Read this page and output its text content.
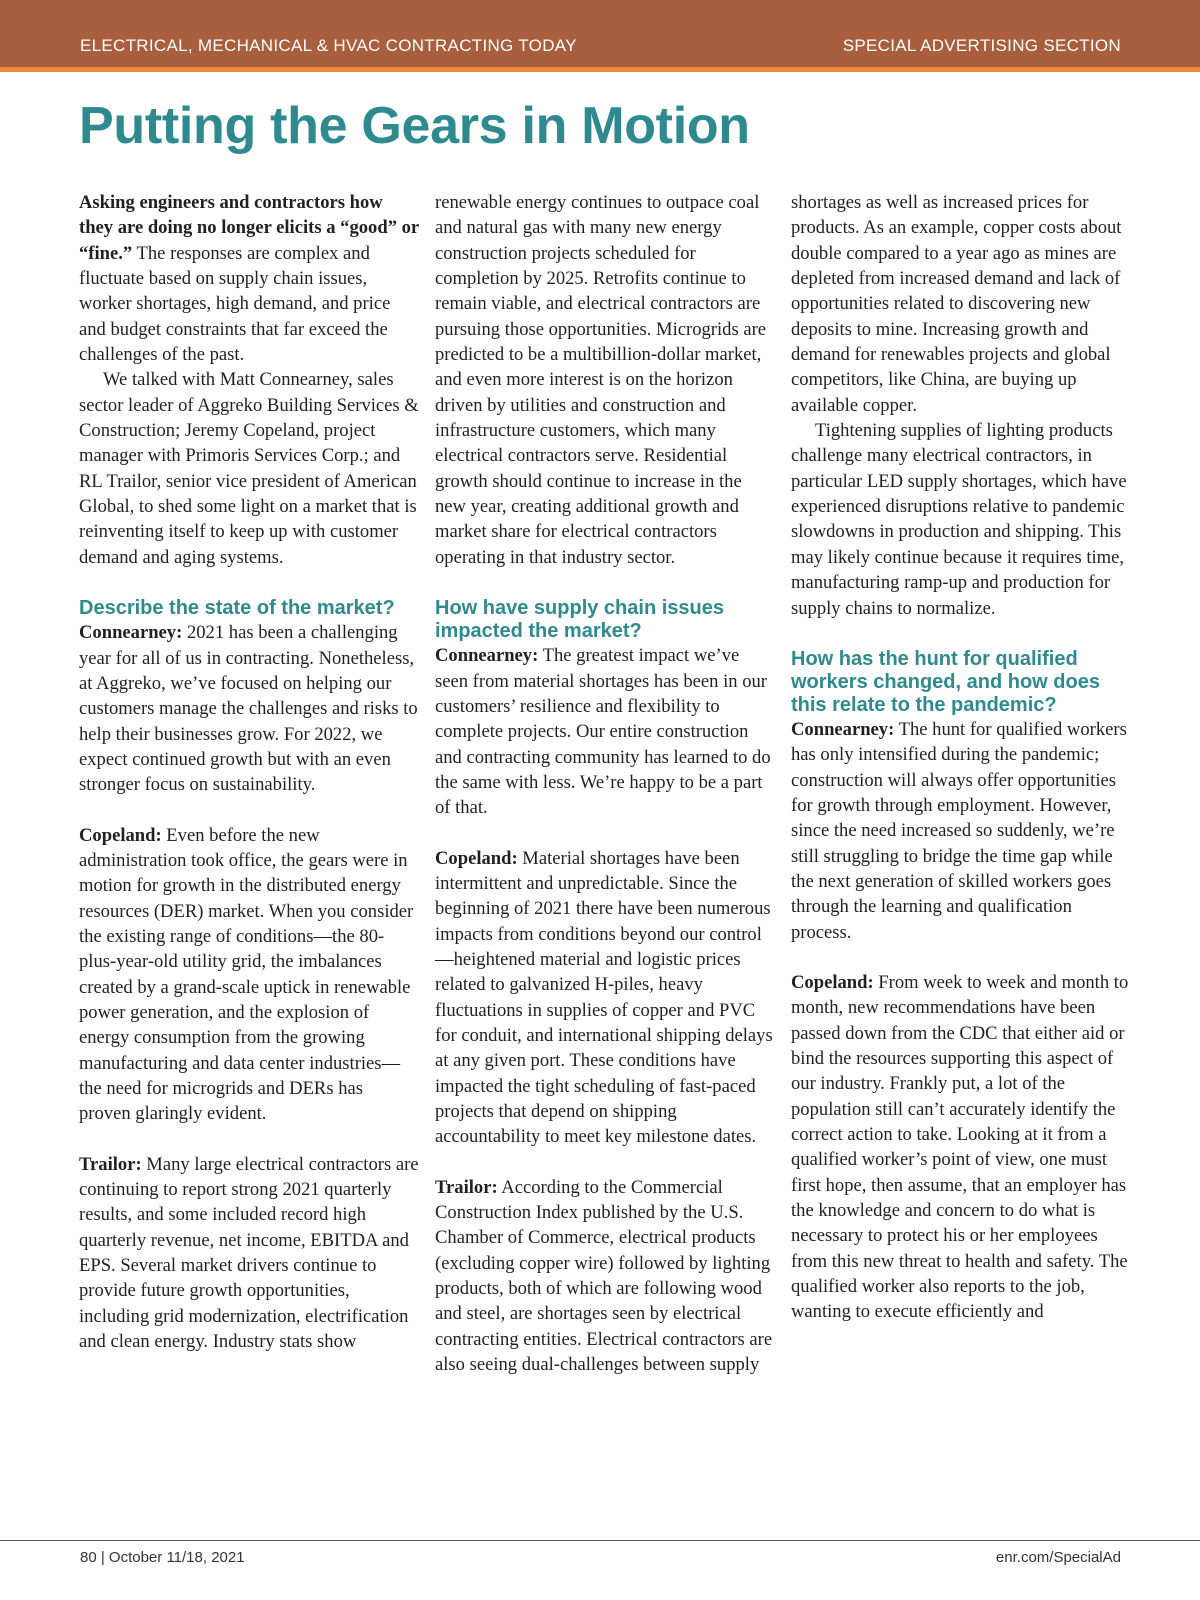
ELECTRICAL, MECHANICAL & HVAC CONTRACTING TODAY	SPECIAL ADVERTISING SECTION
Putting the Gears in Motion

Asking engineers and contractors how they are doing no longer elicits a “good” or “fine.” The responses are complex and fluctuate based on supply chain issues, worker shortages, high demand, and price and budget constraints that far exceed the challenges of the past.

We talked with Matt Connearney, sales sector leader of Aggreko Building Services & Construction; Jeremy Copeland, project manager with Primoris Services Corp.; and RL Trailor, senior vice president of American Global, to shed some light on a market that is reinventing itself to keep up with customer demand and aging systems.

Describe the state of the market?

Connearney: 2021 has been a challenging year for all of us in contracting. Nonetheless, at Aggreko, we’ve focused on helping our customers manage the challenges and risks to help their businesses grow. For 2022, we expect continued growth but with an even stronger focus on sustainability.

Copeland: Even before the new administration took office, the gears were in motion for growth in the distributed energy resources (DER) market. When you consider the existing range of conditions—the 80-plus-year-old utility grid, the imbalances created by a grand-scale uptick in renewable power generation, and the explosion of energy consumption from the growing manufacturing and data center industries—the need for microgrids and DERs has proven glaringly evident.

Trailor: Many large electrical contractors are continuing to report strong 2021 quarterly results, and some included record high quarterly revenue, net income, EBITDA and EPS. Several market drivers continue to provide future growth opportunities, including grid modernization, electrification and clean energy. Industry stats show

renewable energy continues to outpace coal and natural gas with many new energy construction projects scheduled for completion by 2025. Retrofits continue to remain viable, and electrical contractors are pursuing those opportunities. Microgrids are predicted to be a multibillion-dollar market, and even more interest is on the horizon driven by utilities and construction and infrastructure customers, which many electrical contractors serve. Residential growth should continue to increase in the new year, creating additional growth and market share for electrical contractors operating in that industry sector.

How have supply chain issues impacted the market?

Connearney: The greatest impact we’ve seen from material shortages has been in our customers’ resilience and flexibility to complete projects. Our entire construction and contracting community has learned to do the same with less. We’re happy to be a part of that.

Copeland: Material shortages have been intermittent and unpredictable. Since the beginning of 2021 there have been numerous impacts from conditions beyond our control—heightened material and logistic prices related to galvanized H-piles, heavy fluctuations in supplies of copper and PVC for conduit, and international shipping delays at any given port. These conditions have impacted the tight scheduling of fast-paced projects that depend on shipping accountability to meet key milestone dates.

Trailor: According to the Commercial Construction Index published by the U.S. Chamber of Commerce, electrical products (excluding copper wire) followed by lighting products, both of which are following wood and steel, are shortages seen by electrical contracting entities. Electrical contractors are also seeing dual-challenges between supply

shortages as well as increased prices for products. As an example, copper costs about double compared to a year ago as mines are depleted from increased demand and lack of opportunities related to discovering new deposits to mine. Increasing growth and demand for renewables projects and global competitors, like China, are buying up available copper.

Tightening supplies of lighting products challenge many electrical contractors, in particular LED supply shortages, which have experienced disruptions relative to pandemic slowdowns in production and shipping. This may likely continue because it requires time, manufacturing ramp-up and production for supply chains to normalize.

How has the hunt for qualified workers changed, and how does this relate to the pandemic?

Connearney: The hunt for qualified workers has only intensified during the pandemic; construction will always offer opportunities for growth through employment. However, since the need increased so suddenly, we’re still struggling to bridge the time gap while the next generation of skilled workers goes through the learning and qualification process.

Copeland: From week to week and month to month, new recommendations have been passed down from the CDC that either aid or bind the resources supporting this aspect of our industry. Frankly put, a lot of the population still can’t accurately identify the correct action to take. Looking at it from a qualified worker’s point of view, one must first hope, then assume, that an employer has the knowledge and concern to do what is necessary to protect his or her employees from this new threat to health and safety. The qualified worker also reports to the job, wanting to execute efficiently and

80 | October 11/18, 2021	enr.com/SpecialAd
